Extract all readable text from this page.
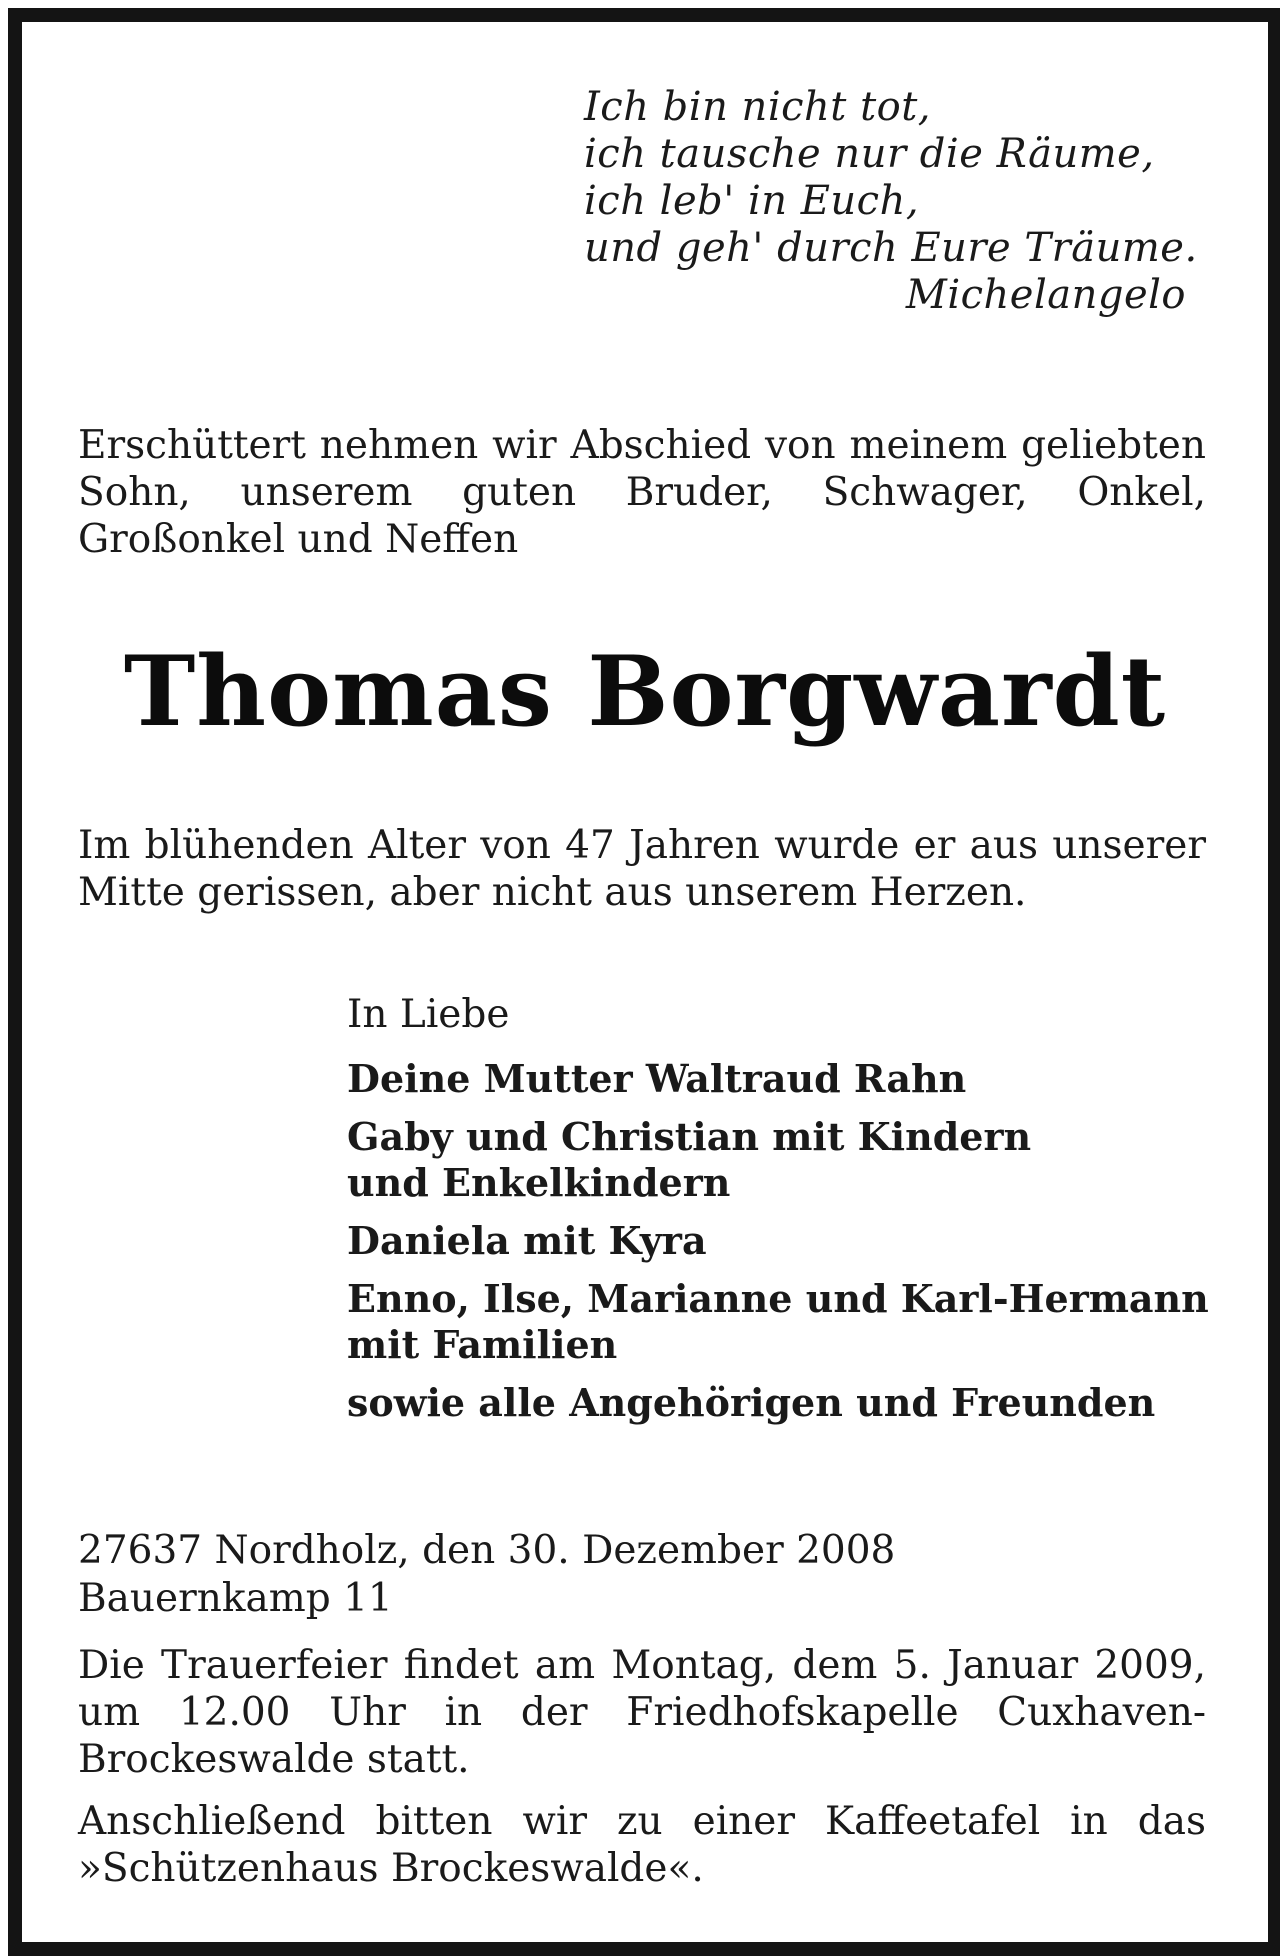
Ich bin nicht tot,
ich tausche nur die Räume,
ich leb' in Euch,
und geh' durch Eure Träume.
Michelangelo
Erschüttert nehmen wir Abschied von meinem geliebten Sohn, unserem guten Bruder, Schwager, Onkel, Großonkel und Neffen
Thomas Borgwardt
Im blühenden Alter von 47 Jahren wurde er aus unserer Mitte gerissen, aber nicht aus unserem Herzen.
In Liebe
Deine Mutter Waltraud Rahn
Gaby und Christian mit Kindern und Enkelkindern
Daniela mit Kyra
Enno, Ilse, Marianne und Karl-Hermann mit Familien
sowie alle Angehörigen und Freunden
27637 Nordholz, den 30. Dezember 2008
Bauernkamp 11
Die Trauerfeier findet am Montag, dem 5. Januar 2009, um 12.00 Uhr in der Friedhofskapelle Cuxhaven-Brockeswalde statt.
Anschließend bitten wir zu einer Kaffeetafel in das »Schützenhaus Brockeswalde«.
